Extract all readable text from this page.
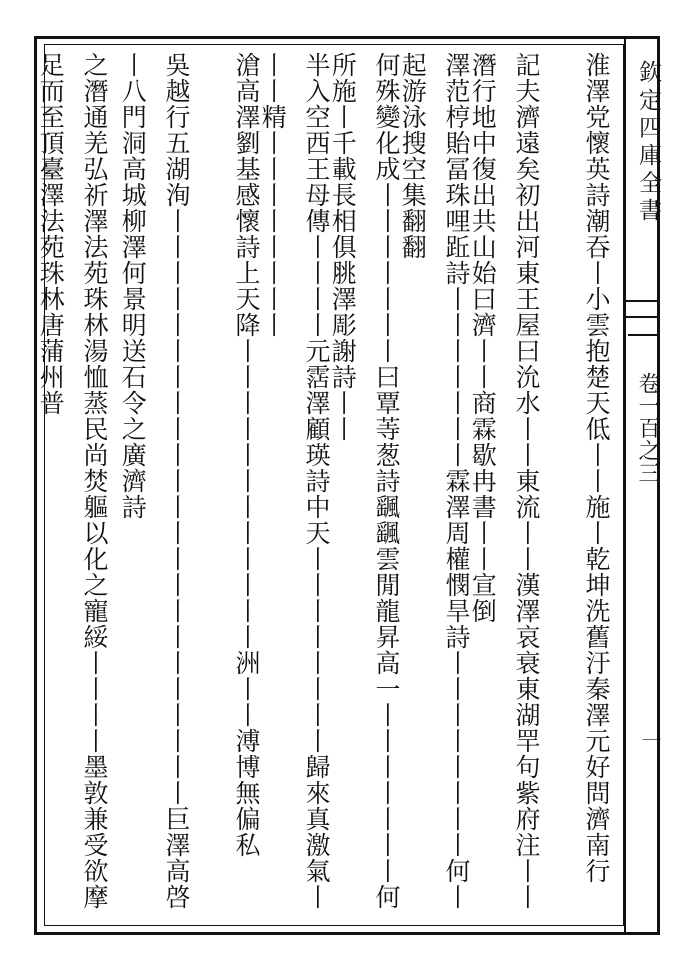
欽定四庫全書
卷一百之三
一
淮澤党懷英詩潮吞丨小雲抱楚天低丨丨施丨乾坤洗舊汙秦澤元好問濟南行
記夫濟遠矣初出河東王屋曰沇水丨丨東流丨丨漢澤哀衰東湖䍐句紫府注丨丨潛行地中復出共山始曰濟丨丨商霖歇冉書丨丨宣倒
澤范梈貽冨珠哩䟬詩丨丨丨丨丨丨丨霖澤周權憫旱詩丨丨丨丨丨丨丨丨何丨起游泳搜空集翻翻
何殊變化成丨丨丨丨丨丨丨曰覃䓁葱詩颻颻雲閒龍昇高一丨丨丨丨丨丨丨何所施丨千載長相俱脁澤彫謝詩丨丨
半入空西王母傳丨丨丨丨元霑澤顧瑛詩中天丨丨丨丨丨丨丨丨歸來真激氣丨丨丨精丨丨丨丨丨丨丨丨
滄高澤劉基感懷詩上天降丨丨丨丨丨丨丨丨丨丨丨丨洲丨丨溥博無偏私
吳越行五湖洵丨丨丨丨丨丨丨丨丨丨丨丨丨丨丨丨丨丨丨丨丨丨丨巨澤高啓丨八門洞高城柳澤何景明送石令之廣濟詩
之潛通羌弘祈澤法苑珠林湯恤蒸民尚焚軀以化之寵綏丨丨丨丨墨敦兼受欲摩足而至頂臺澤法苑珠林唐蒲州普
